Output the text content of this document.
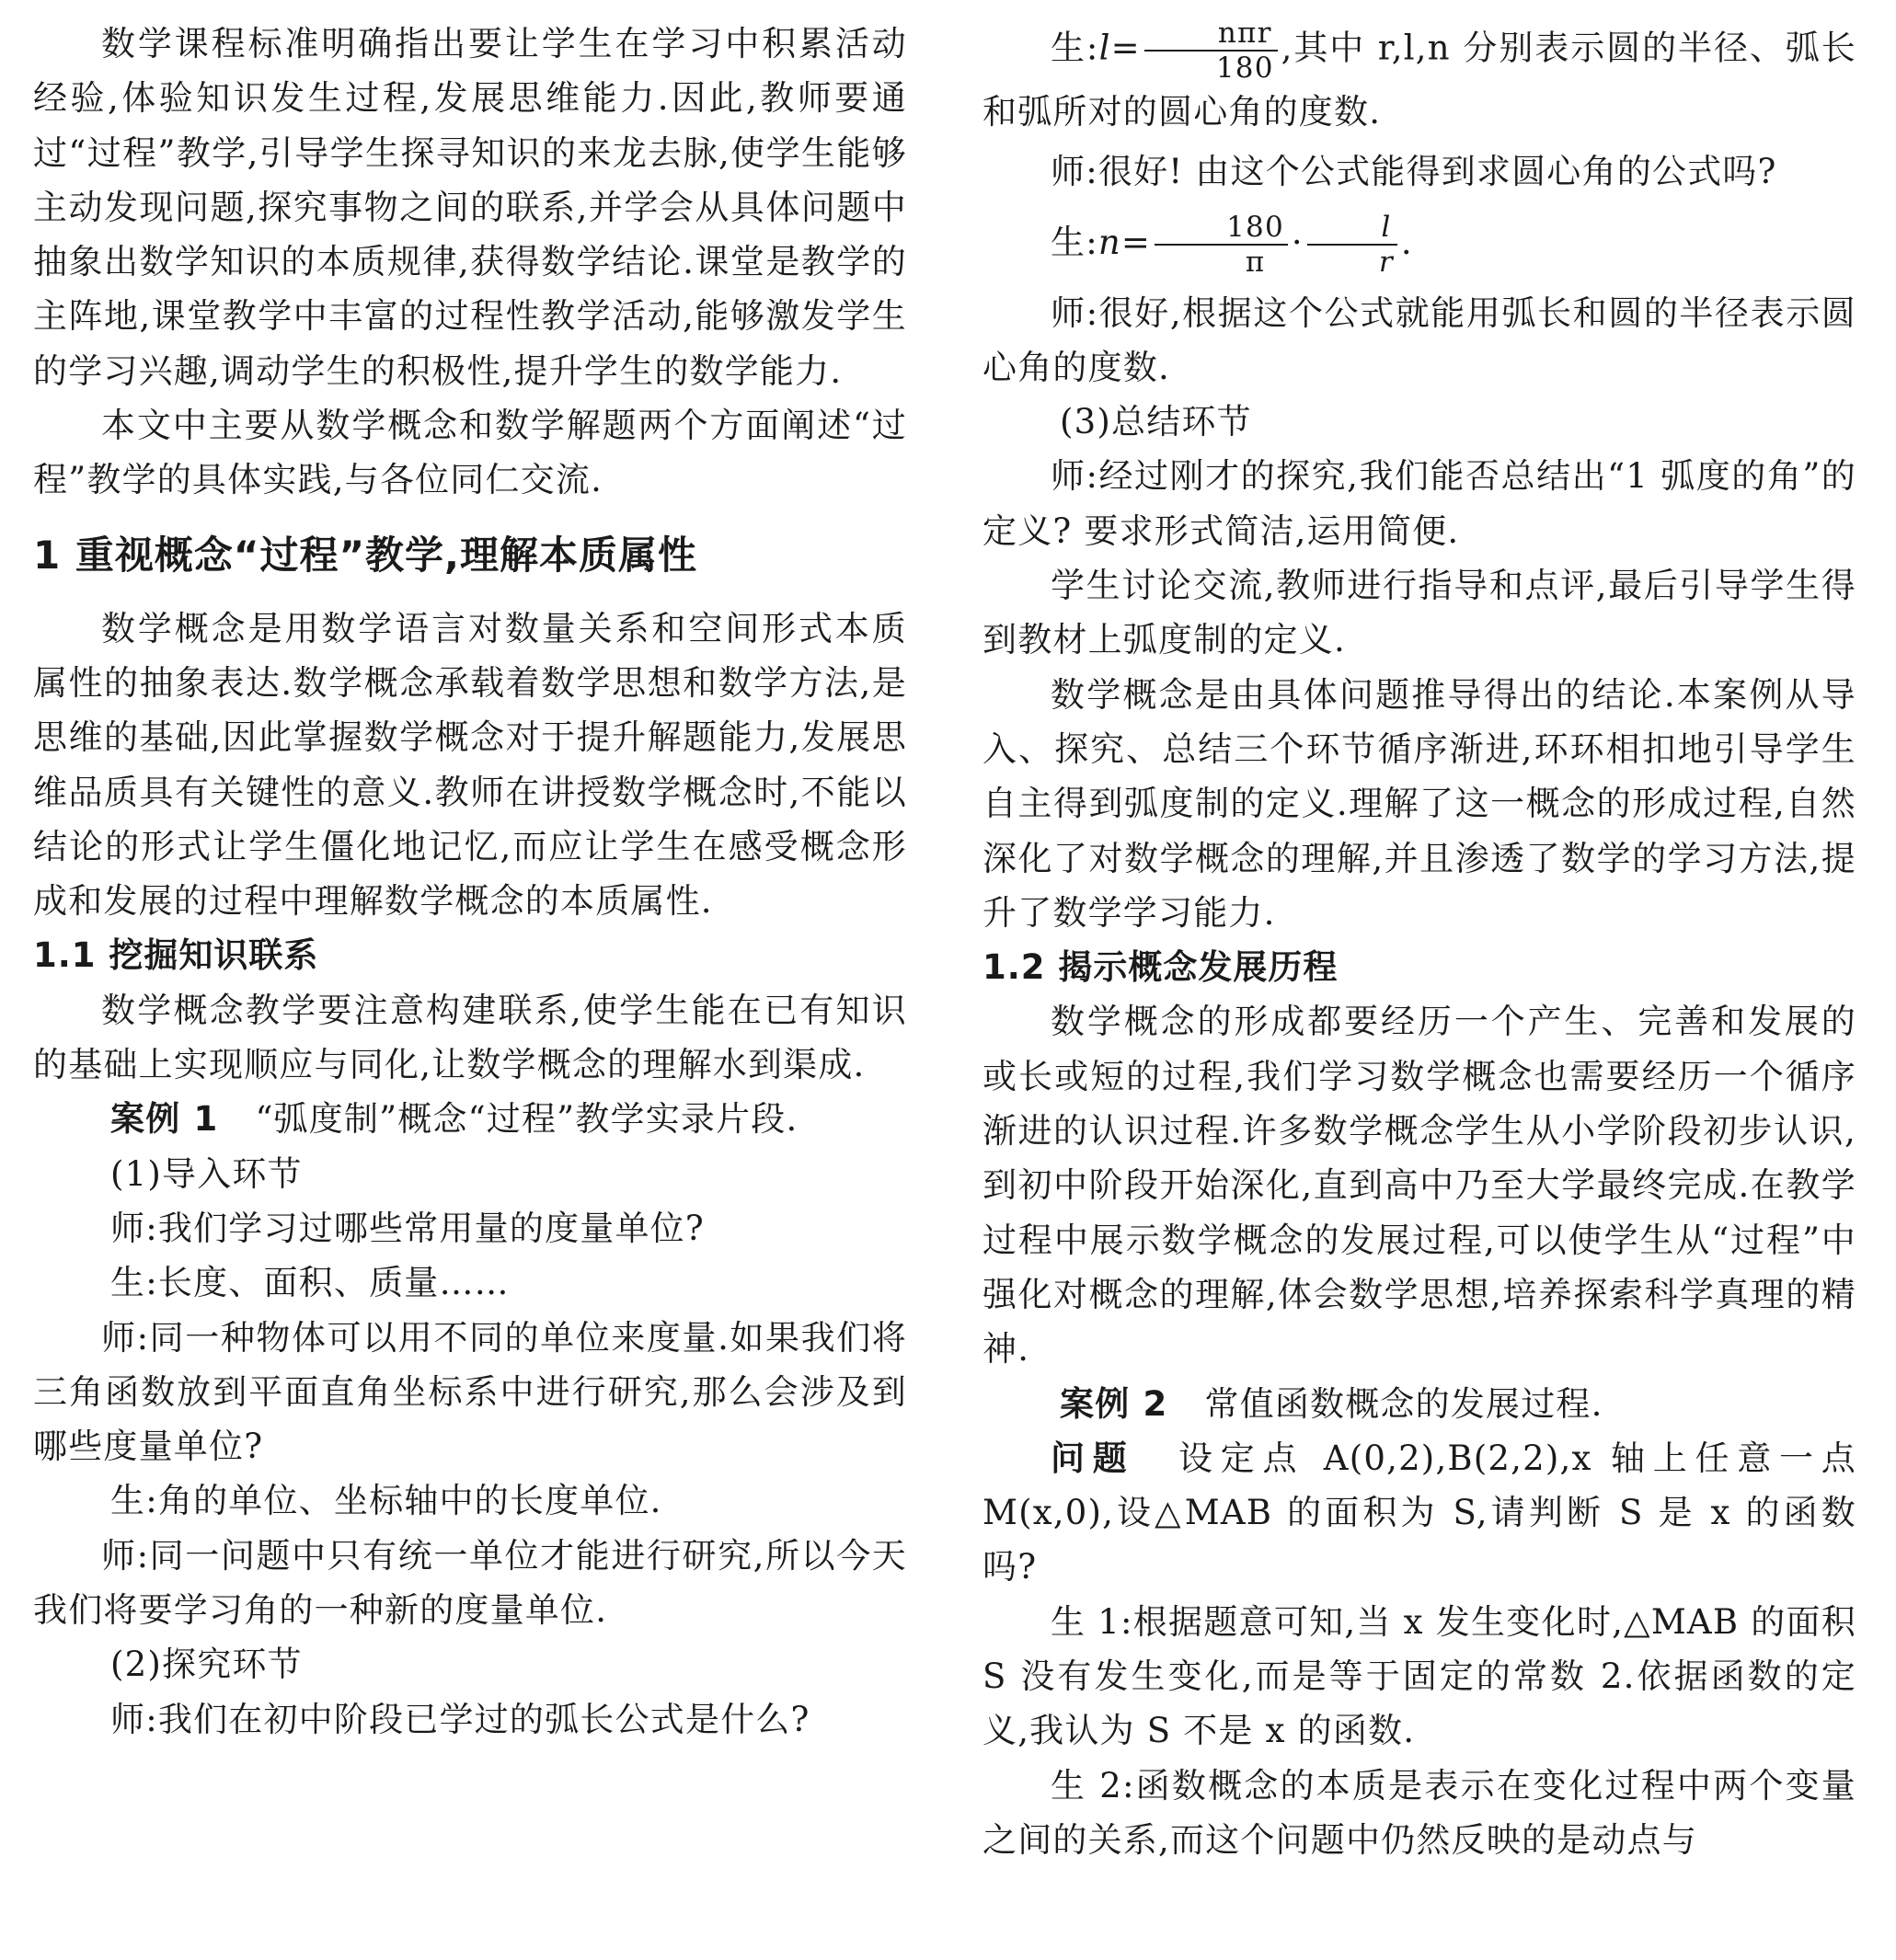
数学课程标准明确指出要让学生在学习中积累活动经验,体验知识发生过程,发展思维能力.因此,教师要通过“过程”教学,引导学生探寻知识的来龙去脉,使学生能够主动发现问题,探究事物之间的联系,并学会从具体问题中抽象出数学知识的本质规律,获得数学结论.课堂是教学的主阵地,课堂教学中丰富的过程性教学活动,能够激发学生的学习兴趣,调动学生的积极性,提升学生的数学能力.

本文中主要从数学概念和数学解题两个方面阐述“过程”教学的具体实践,与各位同仁交流.

1 重视概念“过程”教学,理解本质属性

数学概念是用数学语言对数量关系和空间形式本质属性的抽象表达.数学概念承载着数学思想和数学方法,是思维的基础,因此掌握数学概念对于提升解题能力,发展思维品质具有关键性的意义.教师在讲授数学概念时,不能以结论的形式让学生僵化地记忆,而应让学生在感受概念形成和发展的过程中理解数学概念的本质属性.

1.1 挖掘知识联系

数学概念教学要注意构建联系,使学生能在已有知识的基础上实现顺应与同化,让数学概念的理解水到渠成.

案例 1 “弧度制”概念“过程”教学实录片段.

(1)导入环节

师:我们学习过哪些常用量的度量单位?

生:长度、面积、质量……

师:同一种物体可以用不同的单位来度量.如果我们将三角函数放到平面直角坐标系中进行研究,那么会涉及到哪些度量单位?

生:角的单位、坐标轴中的长度单位.

师:同一问题中只有统一单位才能进行研究,所以今天我们将要学习角的一种新的度量单位.

(2)探究环节

师:我们在初中阶段已学过的弧长公式是什么?

生:l= $\frac{\text{nπr}}{180}$ ,其中 r,l,n 分别表示圆的半径、弧长和弧所对的圆心角的度数.

师:很好! 由这个公式能得到求圆心角的公式吗?

生:n= $\frac{180}{\pi} \cdot \frac{l}{r}$ .

师:很好,根据这个公式就能用弧长和圆的半径表示圆心角的度数.

(3)总结环节

师:经过刚才的探究,我们能否总结出“1 弧度的角”的定义? 要求形式简洁,运用简便.

学生讨论交流,教师进行指导和点评,最后引导学生得到教材上弧度制的定义.

数学概念是由具体问题推导得出的结论.本案例从导入、探究、总结三个环节循序渐进,环环相扣地引导学生自主得到弧度制的定义.理解了这一概念的形成过程,自然深化了对数学概念的理解,并且渗透了数学的学习方法,提升了数学学习能力.

1.2 揭示概念发展历程

数学概念的形成都要经历一个产生、完善和发展的或长或短的过程,我们学习数学概念也需要经历一个循序渐进的认识过程.许多数学概念学生从小学阶段初步认识,到初中阶段开始深化,直到高中乃至大学最终完成.在教学过程中展示数学概念的发展过程,可以使学生从“过程”中强化对概念的理解,体会数学思想,培养探索科学真理的精神.

案例 2 常值函数概念的发展过程.

问题 设定点 A(0,2),B(2,2),x 轴上任意一点 M(x,0),设△MAB 的面积为 S,请判断 S 是 x 的函数吗?

生 1:根据题意可知,当 x 发生变化时,△MAB 的面积 S 没有发生变化,而是等于固定的常数 2.依据函数的定义,我认为 S 不是 x 的函数.

生 2:函数概念的本质是表示在变化过程中两个变量之间的关系,而这个问题中仍然反映的是动点与
